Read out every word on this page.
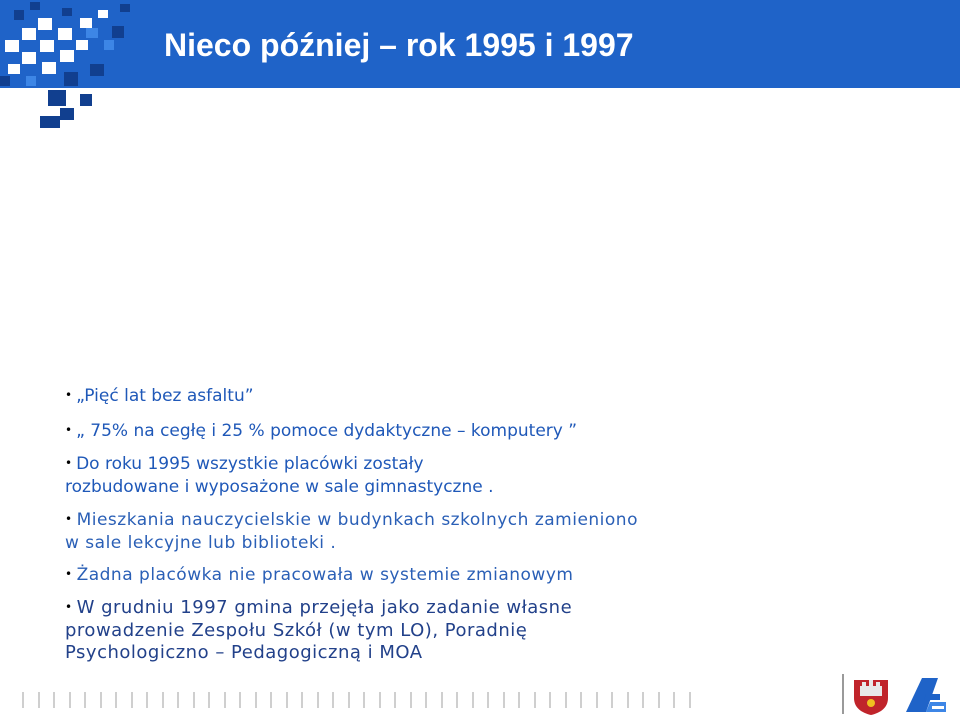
Nieco później – rok 1995 i 1997
• „Pięć lat bez asfaltu”
• „ 75% na cegłę i 25 % pomoce dydaktyczne – komputery ”
• Do roku 1995 wszystkie placówki zostały
rozbudowane i wyposażone w sale gimnastyczne .
• Mieszkania nauczycielskie w budynkach szkolnych zamieniono
w sale lekcyjne lub biblioteki .
• Żadna placówka nie pracowała w systemie zmianowym
• W grudniu 1997 gmina przejęła jako zadanie własne
prowadzenie Zespołu Szkół (w tym LO), Poradnię
Psychologiczno – Pedagogiczną i MOA
